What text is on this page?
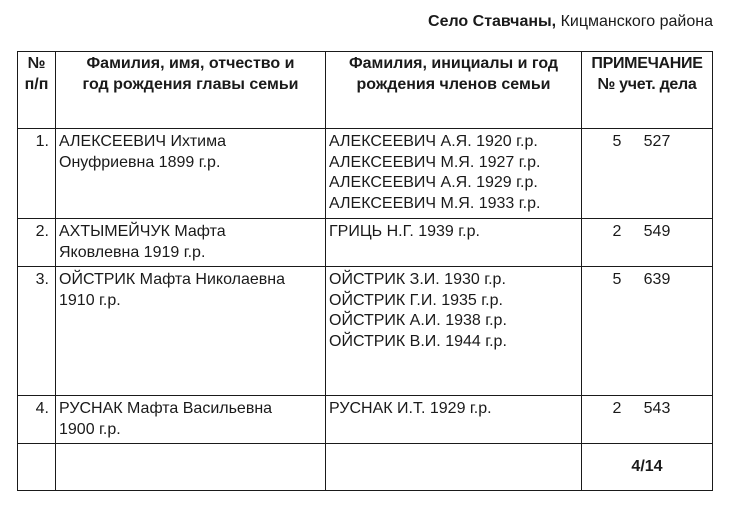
Село Ставчаны, Кицманского района
№
п/п	Фамилия, имя, отчество и
год рождения главы семьи	Фамилия, инициалы и год
рождения членов семьи	ПРИМЕЧАНИЕ
№ учет. дела

1.	АЛЕКСЕЕВИЧ Ихтима
Онуфриевна 1899 г.р.	АЛЕКСЕЕВИЧ А.Я. 1920 г.р.
АЛЕКСЕЕВИЧ М.Я. 1927 г.р.
АЛЕКСЕЕВИЧ А.Я. 1929 г.р.
АЛЕКСЕЕВИЧ М.Я. 1933 г.р.	5 527
2.	АХТЫМЕЙЧУК Мафта
Яковлевна 1919 г.р.	ГРИЦЬ Н.Г. 1939 г.р.	2 549
3.	ОЙСТРИК Мафта Николаевна
1910 г.р.	ОЙСТРИК З.И. 1930 г.р.
ОЙСТРИК Г.И. 1935 г.р.
ОЙСТРИК А.И. 1938 г.р.
ОЙСТРИК В.И. 1944 г.р.	5 639
4.	РУСНАК Мафта Васильевна
1900 г.р.	РУСНАК И.Т. 1929 г.р.	2 543
			4/14
